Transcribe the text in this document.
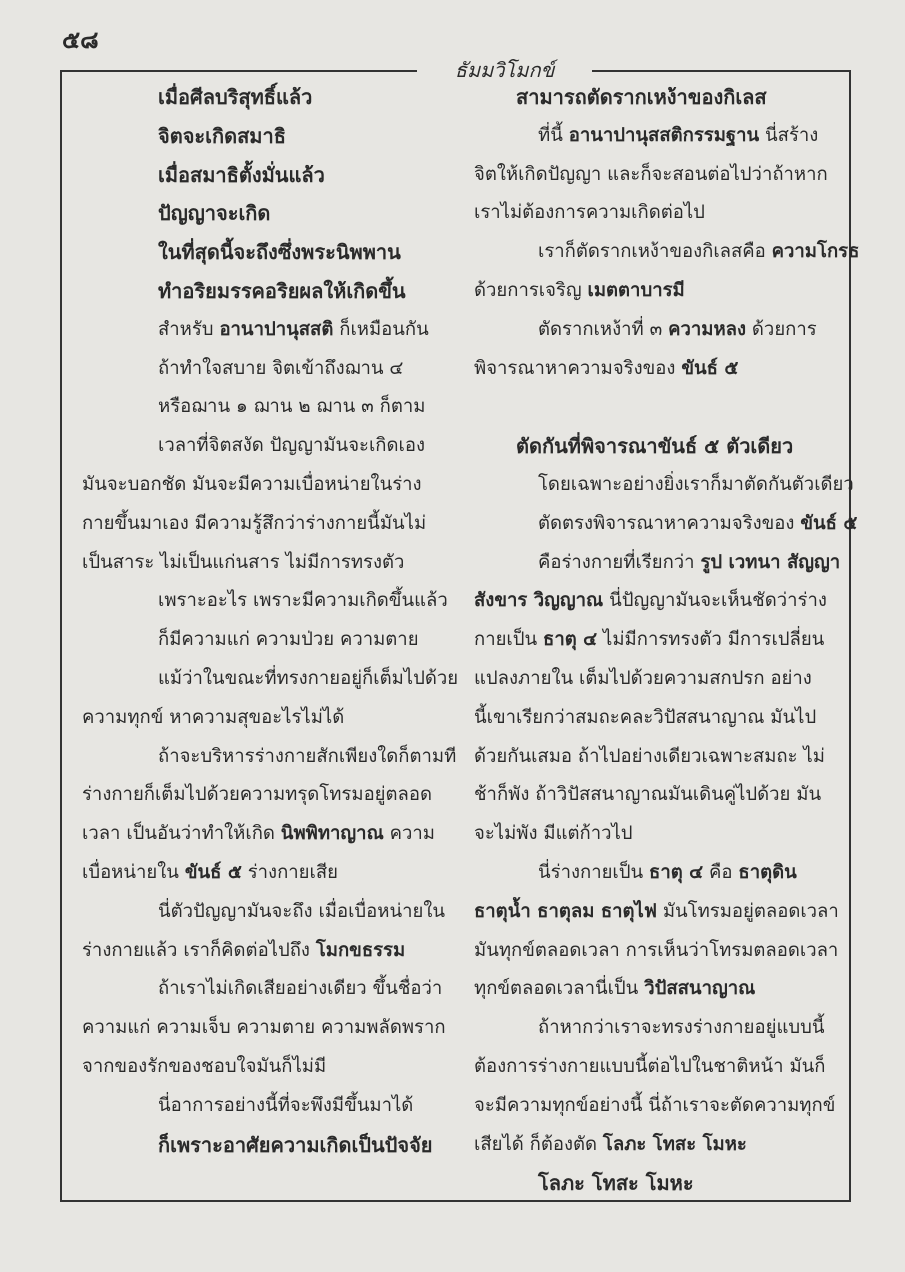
๕๘
ธัมมวิโมกข์
เมื่อศีลบริสุทธิ์แล้ว
จิตจะเกิดสมาธิ
เมื่อสมาธิตั้งมั่นแล้ว
ปัญญาจะเกิด
ในที่สุดนี้จะถึงซึ่งพระนิพพาน
ทำอริยมรรคอริยผลให้เกิดขึ้น
สำหรับ อานาปานุสสติ ก็เหมือนกัน
ถ้าทำใจสบาย จิตเข้าถึงฌาน ๔
หรือฌาน ๑ ฌาน ๒ ฌาน ๓ ก็ตาม
เวลาที่จิตสงัด ปัญญามันจะเกิดเอง
มันจะบอกชัด มันจะมีความเบื่อหน่ายในร่าง
กายขึ้นมาเอง มีความรู้สึกว่าร่างกายนี้มันไม่
เป็นสาระ ไม่เป็นแก่นสาร ไม่มีการทรงตัว
เพราะอะไร เพราะมีความเกิดขึ้นแล้ว
ก็มีความแก่ ความป่วย ความตาย
แม้ว่าในขณะที่ทรงกายอยู่ก็เต็มไปด้วย
ความทุกข์ หาความสุขอะไรไม่ได้
ถ้าจะบริหารร่างกายสักเพียงใดก็ตามที
ร่างกายก็เต็มไปด้วยความทรุดโทรมอยู่ตลอด
เวลา เป็นอันว่าทำให้เกิด นิพพิทาญาณ ความ
เบื่อหน่ายใน ขันธ์ ๕ ร่างกายเสีย
นี่ตัวปัญญามันจะถึง เมื่อเบื่อหน่ายใน
ร่างกายแล้ว เราก็คิดต่อไปถึง โมกขธรรม
ถ้าเราไม่เกิดเสียอย่างเดียว ขึ้นชื่อว่า
ความแก่ ความเจ็บ ความตาย ความพลัดพราก
จากของรักของชอบใจมันก็ไม่มี
นี่อาการอย่างนี้ที่จะพึงมีขึ้นมาได้
ก็เพราะอาศัยความเกิดเป็นปัจจัย
สามารถตัดรากเหง้าของกิเลส
ที่นี้ อานาปานุสสติกรรมฐาน นี่สร้าง
จิตให้เกิดปัญญา และก็จะสอนต่อไปว่าถ้าหาก
เราไม่ต้องการความเกิดต่อไป
เราก็ตัดรากเหง้าของกิเลสคือ ความโกรธ
ด้วยการเจริญ เมตตาบารมี
ตัดรากเหง้าที่ ๓ ความหลง ด้วยการ
พิจารณาหาความจริงของ ขันธ์ ๕

ตัดกันที่พิจารณาขันธ์ ๕ ตัวเดียว
โดยเฉพาะอย่างยิ่งเราก็มาตัดกันตัวเดียว
ตัดตรงพิจารณาหาความจริงของ ขันธ์ ๕
คือร่างกายที่เรียกว่า รูป เวทนา สัญญา
สังขาร วิญญาณ นี่ปัญญามันจะเห็นชัดว่าร่าง
กายเป็น ธาตุ ๔ ไม่มีการทรงตัว มีการเปลี่ยน
แปลงภายใน เต็มไปด้วยความสกปรก อย่าง
นี้เขาเรียกว่าสมถะคละวิปัสสนาญาณ มันไป
ด้วยกันเสมอ ถ้าไปอย่างเดียวเฉพาะสมถะ ไม่
ช้าก็พัง ถ้าวิปัสสนาญาณมันเดินคู่ไปด้วย มัน
จะไม่พัง มีแต่ก้าวไป
นี่ร่างกายเป็น ธาตุ ๔ คือ ธาตุดิน
ธาตุน้ำ ธาตุลม ธาตุไฟ มันโทรมอยู่ตลอดเวลา
มันทุกข์ตลอดเวลา การเห็นว่าโทรมตลอดเวลา
ทุกข์ตลอดเวลานี่เป็น วิปัสสนาญาณ
ถ้าหากว่าเราจะทรงร่างกายอยู่แบบนี้
ต้องการร่างกายแบบนี้ต่อไปในชาติหน้า มันก็
จะมีความทุกข์อย่างนี้ นี่ถ้าเราจะตัดความทุกข์
เสียได้ ก็ต้องตัด โลภะ โทสะ โมหะ
โลภะ โทสะ โมหะ
